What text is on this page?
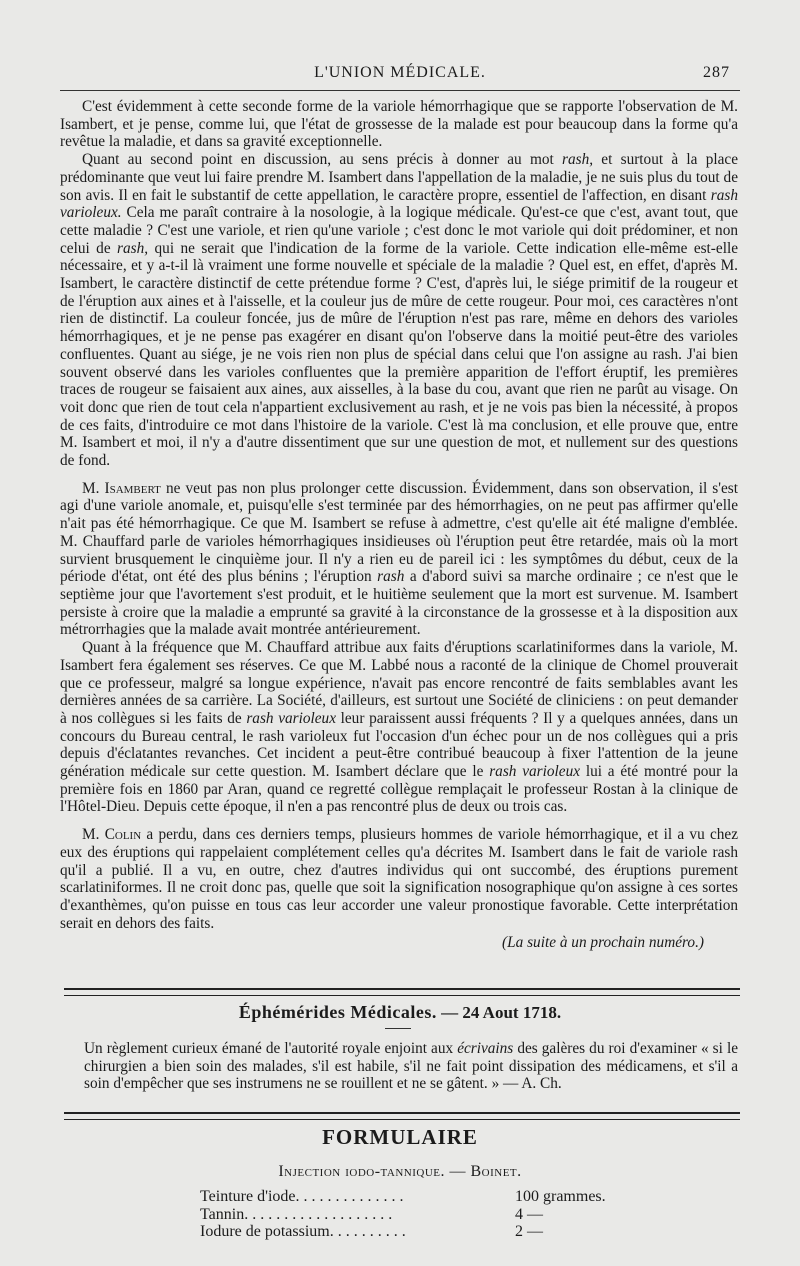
L'UNION MÉDICALE.	287

C'est évidemment à cette seconde forme de la variole hémorrhagique que se rapporte l'observation de M. Isambert, et je pense, comme lui, que l'état de grossesse de la malade est pour beaucoup dans la forme qu'a revêtue la maladie, et dans sa gravité exceptionnelle.

Quant au second point en discussion, au sens précis à donner au mot rash, et surtout à la place prédominante que veut lui faire prendre M. Isambert dans l'appellation de la maladie, je ne suis plus du tout de son avis. Il en fait le substantif de cette appellation, le caractère propre, essentiel de l'affection, en disant rash varioleux. Cela me paraît contraire à la nosologie, à la logique médicale. Qu'est-ce que c'est, avant tout, que cette maladie ? C'est une variole, et rien qu'une variole ; c'est donc le mot variole qui doit prédominer, et non celui de rash, qui ne serait que l'indication de la forme de la variole. Cette indication elle-même est-elle nécessaire, et y a-t-il là vraiment une forme nouvelle et spéciale de la maladie ? Quel est, en effet, d'après M. Isambert, le caractère distinctif de cette prétendue forme ? C'est, d'après lui, le siége primitif de la rougeur et de l'éruption aux aines et à l'aisselle, et la couleur jus de mûre de cette rougeur. Pour moi, ces caractères n'ont rien de distinctif. La couleur foncée, jus de mûre de l'éruption n'est pas rare, même en dehors des varioles hémorrhagiques, et je ne pense pas exagérer en disant qu'on l'observe dans la moitié peut-être des varioles confluentes. Quant au siége, je ne vois rien non plus de spécial dans celui que l'on assigne au rash. J'ai bien souvent observé dans les varioles confluentes que la première apparition de l'effort éruptif, les premières traces de rougeur se faisaient aux aines, aux aisselles, à la base du cou, avant que rien ne parût au visage. On voit donc que rien de tout cela n'appartient exclusivement au rash, et je ne vois pas bien la nécessité, à propos de ces faits, d'introduire ce mot dans l'histoire de la variole. C'est là ma conclusion, et elle prouve que, entre M. Isambert et moi, il n'y a d'autre dissentiment que sur une question de mot, et nullement sur des questions de fond.

M. Isambert ne veut pas non plus prolonger cette discussion. Évidemment, dans son observation, il s'est agi d'une variole anomale, et, puisqu'elle s'est terminée par des hémorrhagies, on ne peut pas affirmer qu'elle n'ait pas été hémorrhagique. Ce que M. Isambert se refuse à admettre, c'est qu'elle ait été maligne d'emblée. M. Chauffard parle de varioles hémorrhagiques insidieuses où l'éruption peut être retardée, mais où la mort survient brusquement le cinquième jour. Il n'y a rien eu de pareil ici : les symptômes du début, ceux de la période d'état, ont été des plus bénins ; l'éruption rash a d'abord suivi sa marche ordinaire ; ce n'est que le septième jour que l'avortement s'est produit, et le huitième seulement que la mort est survenue. M. Isambert persiste à croire que la maladie a emprunté sa gravité à la circonstance de la grossesse et à la disposition aux métrorrhagies que la malade avait montrée antérieurement.

Quant à la fréquence que M. Chauffard attribue aux faits d'éruptions scarlatiniformes dans la variole, M. Isambert fera également ses réserves. Ce que M. Labbé nous a raconté de la clinique de Chomel prouverait que ce professeur, malgré sa longue expérience, n'avait pas encore rencontré de faits semblables avant les dernières années de sa carrière. La Société, d'ailleurs, est surtout une Société de cliniciens : on peut demander à nos collègues si les faits de rash varioleux leur paraissent aussi fréquents ? Il y a quelques années, dans un concours du Bureau central, le rash varioleux fut l'occasion d'un échec pour un de nos collègues qui a pris depuis d'éclatantes revanches. Cet incident a peut-être contribué beaucoup à fixer l'attention de la jeune génération médicale sur cette question. M. Isambert déclare que le rash varioleux lui a été montré pour la première fois en 1860 par Aran, quand ce regretté collègue remplaçait le professeur Rostan à la clinique de l'Hôtel-Dieu. Depuis cette époque, il n'en a pas rencontré plus de deux ou trois cas.

M. Colin a perdu, dans ces derniers temps, plusieurs hommes de variole hémorrhagique, et il a vu chez eux des éruptions qui rappelaient complétement celles qu'a décrites M. Isambert dans le fait de variole rash qu'il a publié. Il a vu, en outre, chez d'autres individus qui ont succombé, des éruptions purement scarlatiniformes. Il ne croit donc pas, quelle que soit la signification nosographique qu'on assigne à ces sortes d'exanthèmes, qu'on puisse en tous cas leur accorder une valeur pronostique favorable. Cette interprétation serait en dehors des faits.

(La suite à un prochain numéro.)
Éphémérides Médicales. — 24 Aout 1718.

Un règlement curieux émané de l'autorité royale enjoint aux écrivains des galères du roi d'examiner « si le chirurgien a bien soin des malades, s'il est habile, s'il ne fait point dissipation des médicamens, et s'il a soin d'empêcher que ses instrumens ne se rouillent et ne se gâtent. » — A. Ch.

FORMULAIRE
Injection iodo-tannique. — Boinet.
Teinture d'iode. . . . . . . . . . . . . .	100 grammes.
Tannin. . . . . . . . . . . . . . . . . . .	4 —
Iodure de potassium. . . . . . . . . .	2 —
